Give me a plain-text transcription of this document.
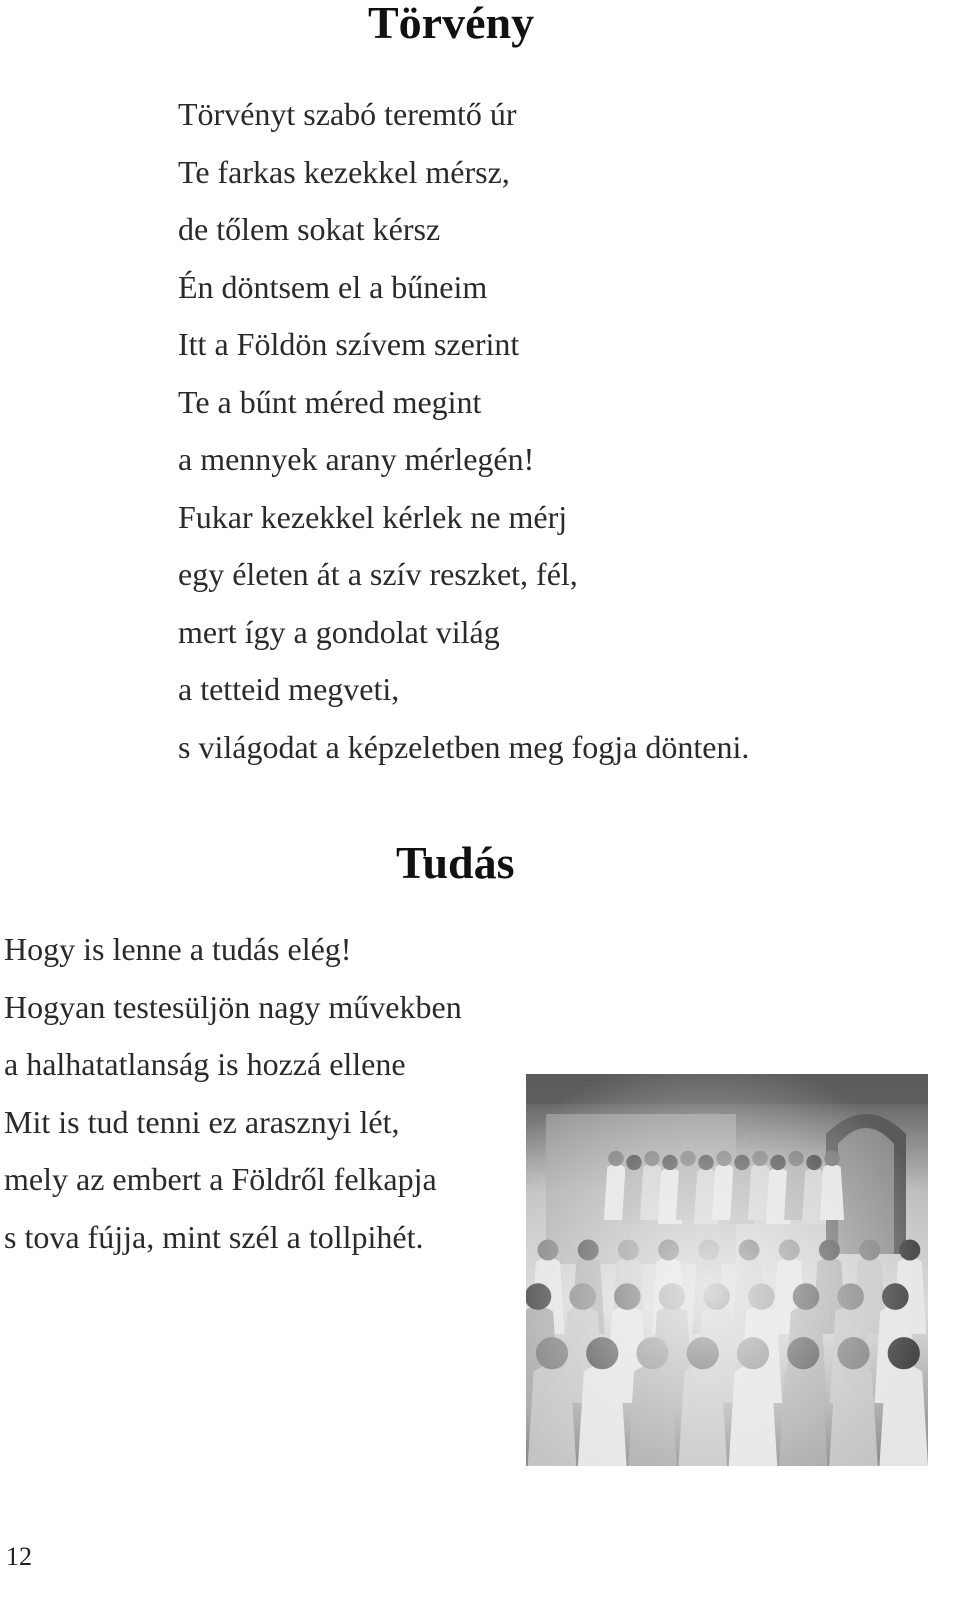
Törvény
Törvényt szabó teremtő úr
Te farkas kezekkel mérsz,
de tőlem sokat kérsz
Én döntsem el a bűneim
Itt a Földön szívem szerint
Te a bűnt méred megint
a mennyek arany mérlegén!
Fukar kezekkel kérlek ne mérj
egy életen át a szív reszket, fél,
mert így a gondolat világ
a tetteid megveti,
s világodat a képzeletben meg fogja dönteni.
Tudás
Hogy is lenne a tudás elég!
Hogyan testesüljön nagy művekben
a halhatatlanság is hozzá ellene
Mit is tud tenni ez arasznyi lét,
mely az embert a Földről felkapja
s tova fújja, mint szél a tollpihét.
12
